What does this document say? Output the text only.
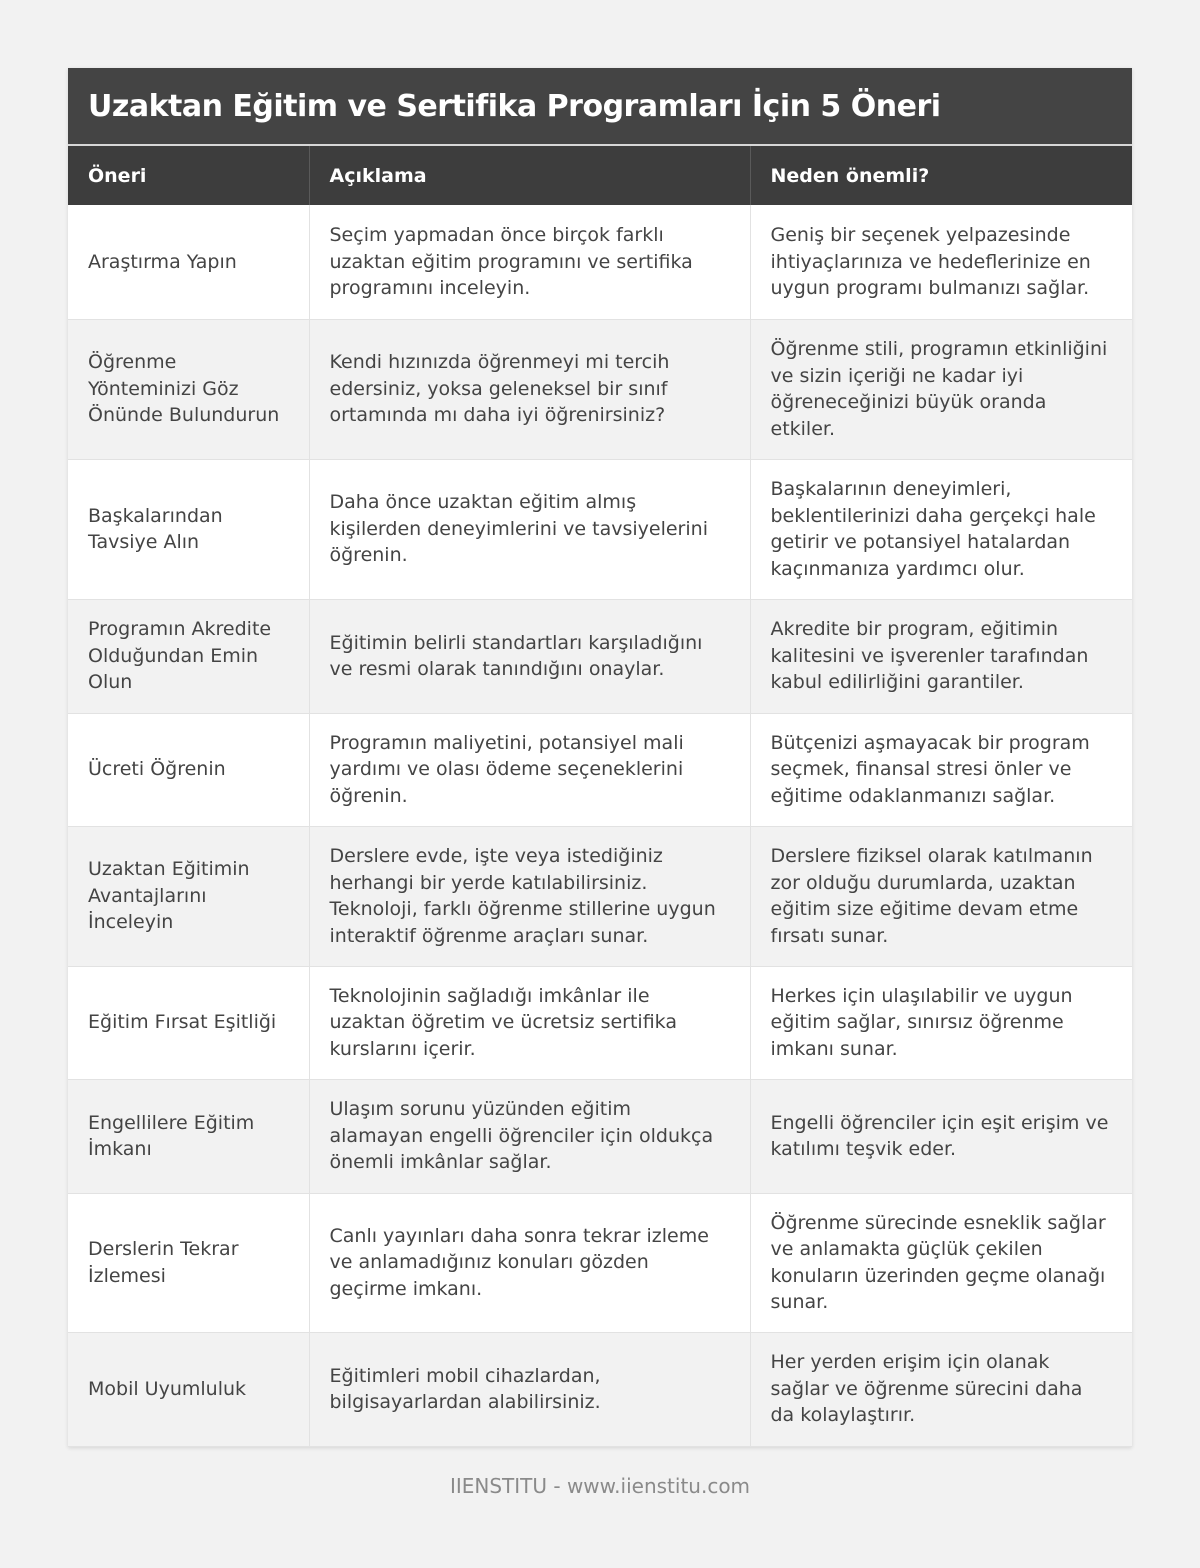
Uzaktan Eğitim ve Sertifika Programları İçin 5 Öneri
Öneri	Açıklama	Neden önemli?
Araştırma Yapın	Seçim yapmadan önce birçok farklı uzaktan eğitim programını ve sertifika programını inceleyin.	Geniş bir seçenek yelpazesinde ihtiyaçlarınıza ve hedeflerinize en uygun programı bulmanızı sağlar.
Öğrenme Yönteminizi Göz Önünde Bulundurun	Kendi hızınızda öğrenmeyi mi tercih edersiniz, yoksa geleneksel bir sınıf ortamında mı daha iyi öğrenirsiniz?	Öğrenme stili, programın etkinliğini ve sizin içeriği ne kadar iyi öğreneceğinizi büyük oranda etkiler.
Başkalarından Tavsiye Alın	Daha önce uzaktan eğitim almış kişilerden deneyimlerini ve tavsiyelerini öğrenin.	Başkalarının deneyimleri, beklentilerinizi daha gerçekçi hale getirir ve potansiyel hatalardan kaçınmanıza yardımcı olur.
Programın Akredite Olduğundan Emin Olun	Eğitimin belirli standartları karşıladığını ve resmi olarak tanındığını onaylar.	Akredite bir program, eğitimin kalitesini ve işverenler tarafından kabul edilirliğini garantiler.
Ücreti Öğrenin	Programın maliyetini, potansiyel mali yardımı ve olası ödeme seçeneklerini öğrenin.	Bütçenizi aşmayacak bir program seçmek, finansal stresi önler ve eğitime odaklanmanızı sağlar.
Uzaktan Eğitimin Avantajlarını İnceleyin	Derslere evde, işte veya istediğiniz herhangi bir yerde katılabilirsiniz. Teknoloji, farklı öğrenme stillerine uygun interaktif öğrenme araçları sunar.	Derslere fiziksel olarak katılmanın zor olduğu durumlarda, uzaktan eğitim size eğitime devam etme fırsatı sunar.
Eğitim Fırsat Eşitliği	Teknolojinin sağladığı imkânlar ile uzaktan öğretim ve ücretsiz sertifika kurslarını içerir.	Herkes için ulaşılabilir ve uygun eğitim sağlar, sınırsız öğrenme imkanı sunar.
Engellilere Eğitim İmkanı	Ulaşım sorunu yüzünden eğitim alamayan engelli öğrenciler için oldukça önemli imkânlar sağlar.	Engelli öğrenciler için eşit erişim ve katılımı teşvik eder.
Derslerin Tekrar İzlemesi	Canlı yayınları daha sonra tekrar izleme ve anlamadığınız konuları gözden geçirme imkanı.	Öğrenme sürecinde esneklik sağlar ve anlamakta güçlük çekilen konuların üzerinden geçme olanağı sunar.
Mobil Uyumluluk	Eğitimleri mobil cihazlardan, bilgisayarlardan alabilirsiniz.	Her yerden erişim için olanak sağlar ve öğrenme sürecini daha da kolaylaştırır.
IIENSTITU - www.iienstitu.com
